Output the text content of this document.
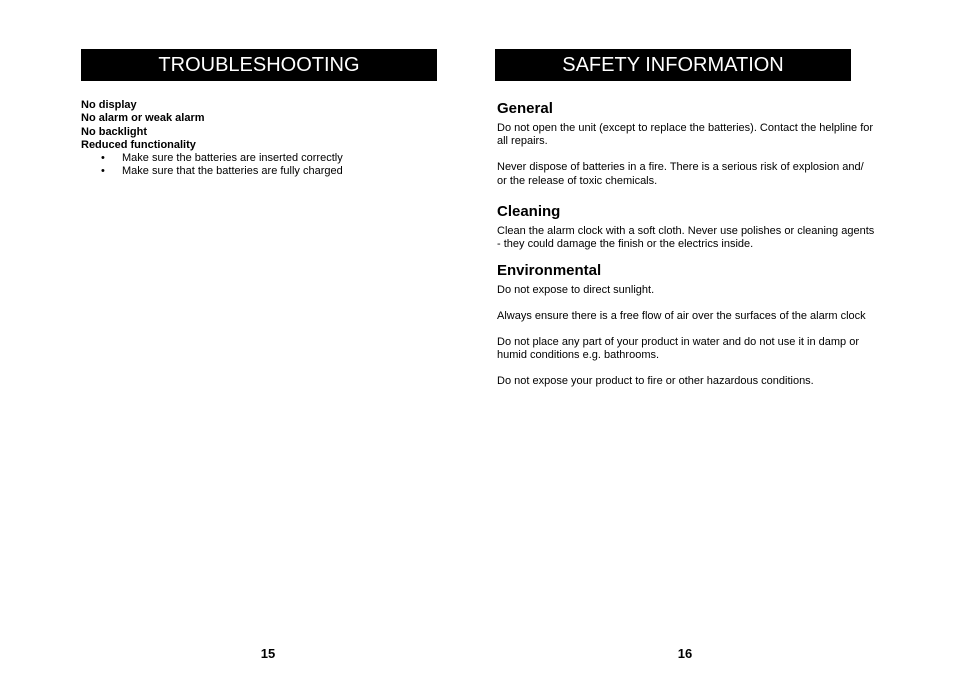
TROUBLESHOOTING

No display

No alarm or weak alarm

No backlight

Reduced functionality

• Make sure the batteries are inserted correctly
• Make sure that the batteries are fully charged
15
SAFETY INFORMATION
General

Do not open the unit (except to replace the batteries). Contact the helpline for all repairs.

Never dispose of batteries in a fire. There is a serious risk of explosion and/ or the release of toxic chemicals.

Cleaning

Clean the alarm clock with a soft cloth. Never use polishes or cleaning agents - they could damage the finish or the electrics inside.

Environmental

Do not expose to direct sunlight.

Always ensure there is a free flow of air over the surfaces of the alarm clock

Do not place any part of your product in water and do not use it in damp or humid conditions e.g. bathrooms.

Do not expose your product to fire or other hazardous conditions.

16
